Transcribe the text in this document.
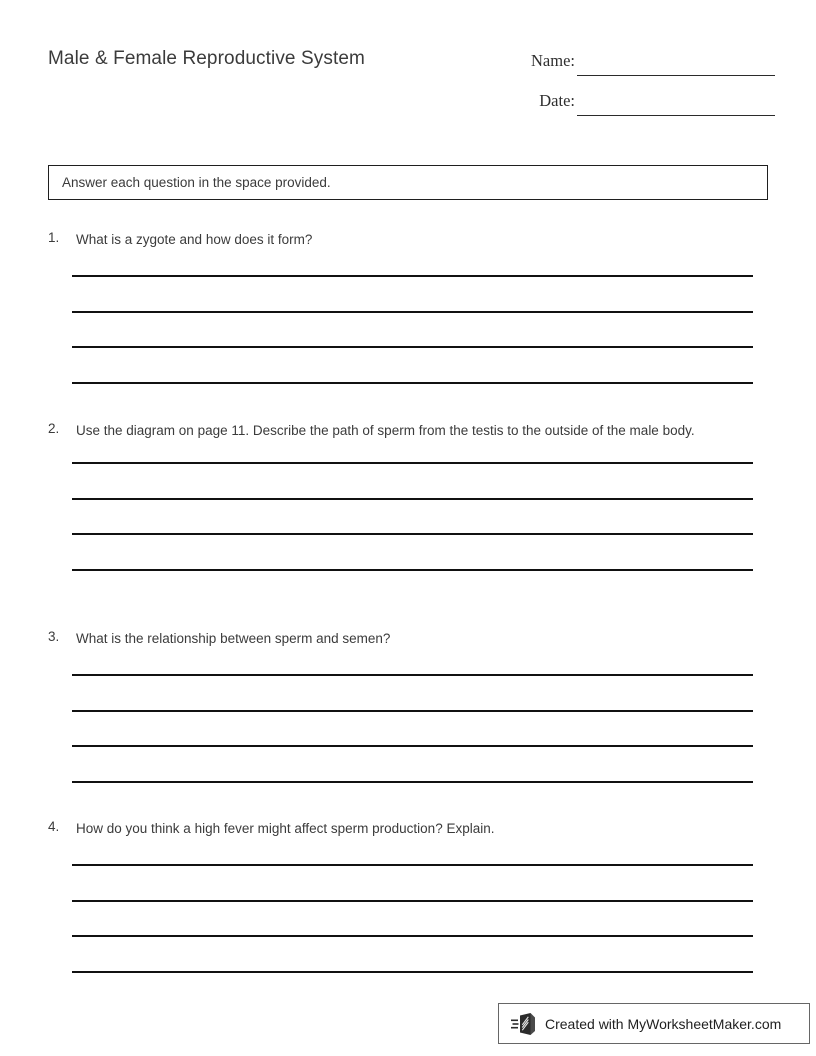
Male & Female Reproductive System	Name:
Date:
Answer each question in the space provided.
1.	What is a zygote and how does it form?
2.	Use the diagram on page 11. Describe the path of sperm from the testis to the outside of the male body.
3.	What is the relationship between sperm and semen?
4.	How do you think a high fever might affect sperm production? Explain.
Created with MyWorksheetMaker.com
